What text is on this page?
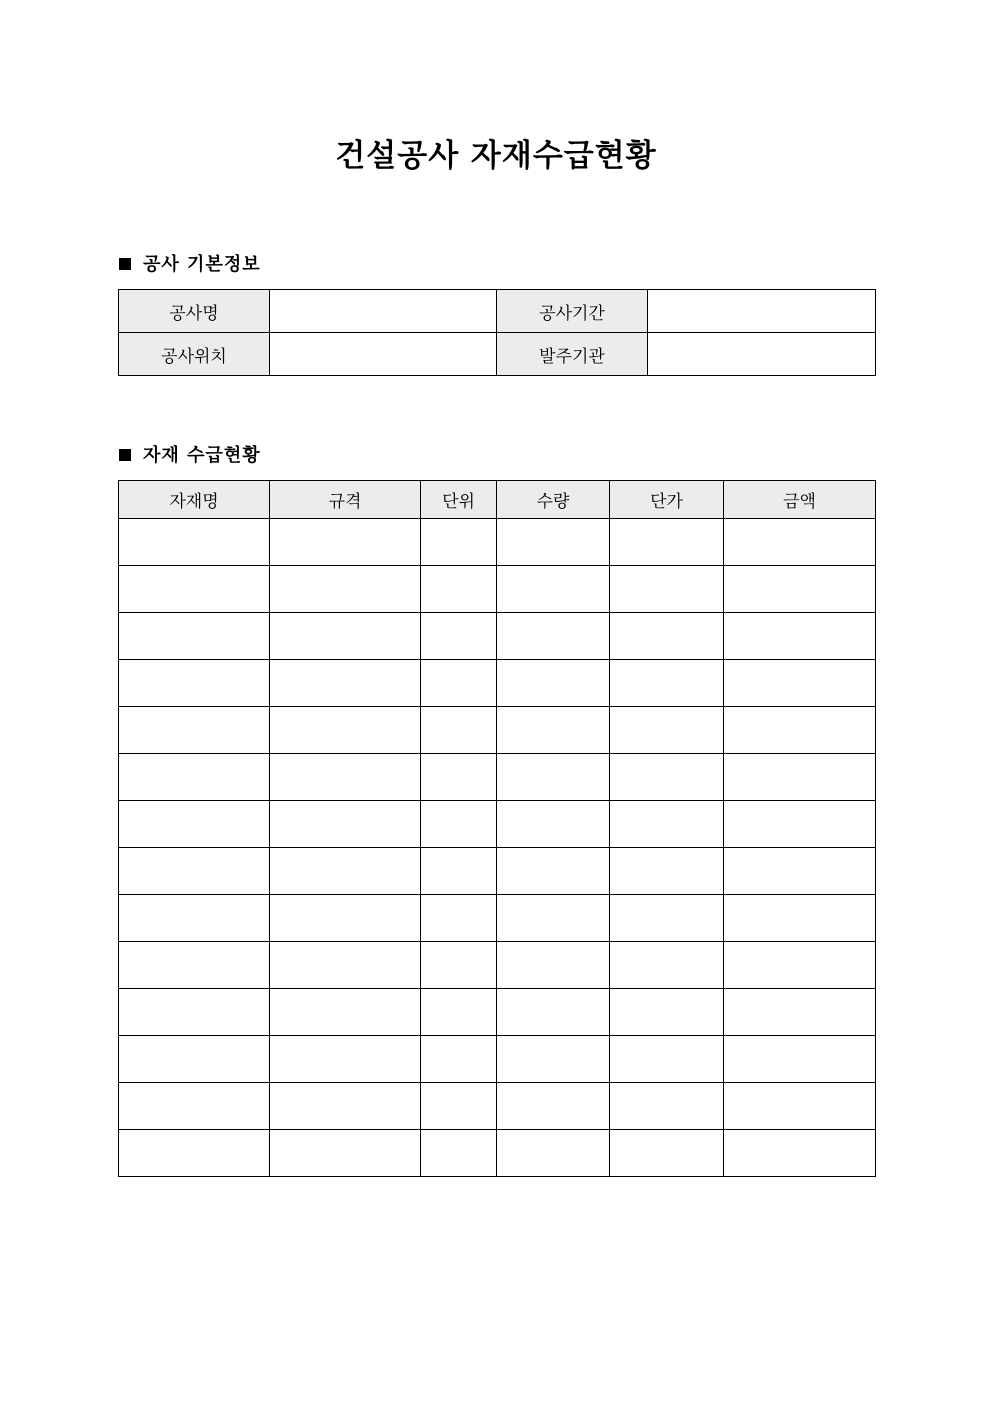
건설공사 자재수급현황
공사 기본정보
공사명		공사기간	
공사위치		발주기관	
자재 수급현황
자재명	규격	단위	수량	단가	금액
